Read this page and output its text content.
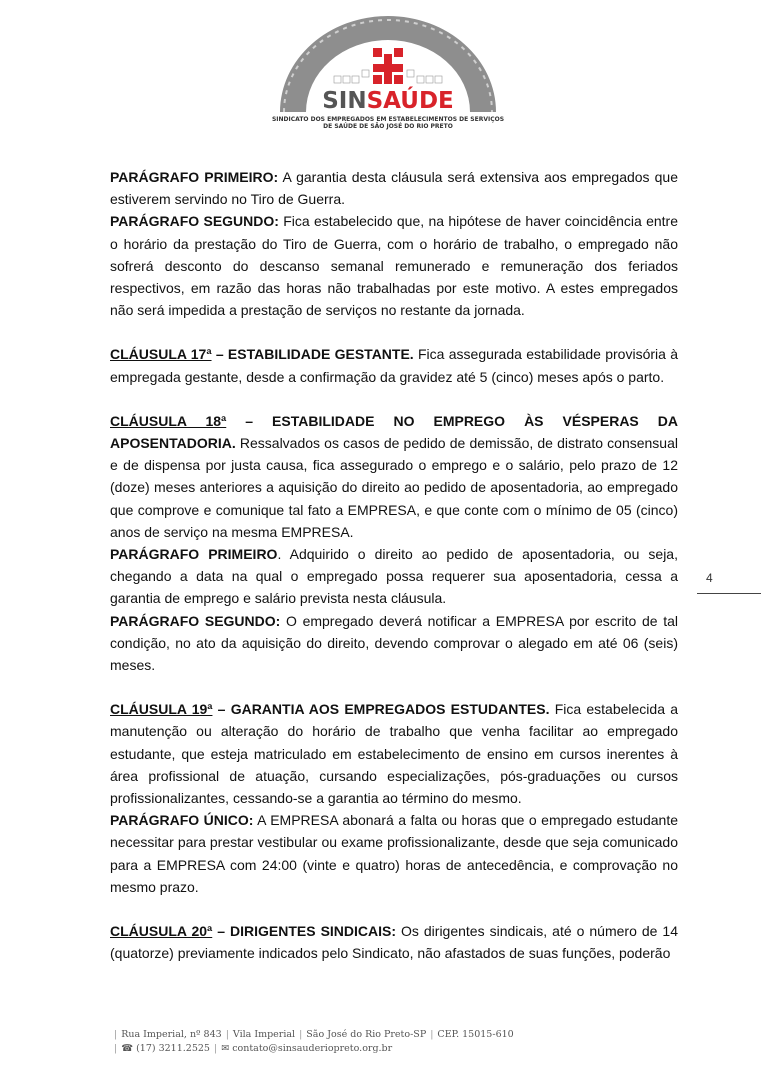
SINSAÚDE
SINDICATO DOS EMPREGADOS EM ESTABELECIMENTOS DE SERVIÇOS
DE SAÚDE DE SÃO JOSÉ DO RIO PRETO

PARÁGRAFO PRIMEIRO: A garantia desta cláusula será extensiva aos empregados que estiverem servindo no Tiro de Guerra.

PARÁGRAFO SEGUNDO: Fica estabelecido que, na hipótese de haver coincidência entre o horário da prestação do Tiro de Guerra, com o horário de trabalho, o empregado não sofrerá desconto do descanso semanal remunerado e remuneração dos feriados respectivos, em razão das horas não trabalhadas por este motivo. A estes empregados não será impedida a prestação de serviços no restante da jornada.

CLÁUSULA 17ª – ESTABILIDADE GESTANTE. Fica assegurada estabilidade provisória à empregada gestante, desde a confirmação da gravidez até 5 (cinco) meses após o parto.

CLÁUSULA 18ª – ESTABILIDADE NO EMPREGO ÀS VÉSPERAS DA APOSENTADORIA. Ressalvados os casos de pedido de demissão, de distrato consensual e de dispensa por justa causa, fica assegurado o emprego e o salário, pelo prazo de 12 (doze) meses anteriores a aquisição do direito ao pedido de aposentadoria, ao empregado que comprove e comunique tal fato a EMPRESA, e que conte com o mínimo de 05 (cinco) anos de serviço na mesma EMPRESA.

PARÁGRAFO PRIMEIRO. Adquirido o direito ao pedido de aposentadoria, ou seja, chegando a data na qual o empregado possa requerer sua aposentadoria, cessa a garantia de emprego e salário prevista nesta cláusula.

PARÁGRAFO SEGUNDO: O empregado deverá notificar a EMPRESA por escrito de tal condição, no ato da aquisição do direito, devendo comprovar o alegado em até 06 (seis) meses.

CLÁUSULA 19ª – GARANTIA AOS EMPREGADOS ESTUDANTES. Fica estabelecida a manutenção ou alteração do horário de trabalho que venha facilitar ao empregado estudante, que esteja matriculado em estabelecimento de ensino em cursos inerentes à área profissional de atuação, cursando especializações, pós-graduações ou cursos profissionalizantes, cessando-se a garantia ao término do mesmo.

PARÁGRAFO ÚNICO: A EMPRESA abonará a falta ou horas que o empregado estudante necessitar para prestar vestibular ou exame profissionalizante, desde que seja comunicado para a EMPRESA com 24:00 (vinte e quatro) horas de antecedência, e comprovação no mesmo prazo.

CLÁUSULA 20ª – DIRIGENTES SINDICAIS: Os dirigentes sindicais, até o número de 14 (quatorze) previamente indicados pelo Sindicato, não afastados de suas funções, poderão

4
| Rua Imperial, nº 843 | Vila Imperial | São José do Rio Preto-SP | CEP. 15015-610
| ☎ (17) 3211.2525 | ✉ contato@sinsauderiopreto.org.br
